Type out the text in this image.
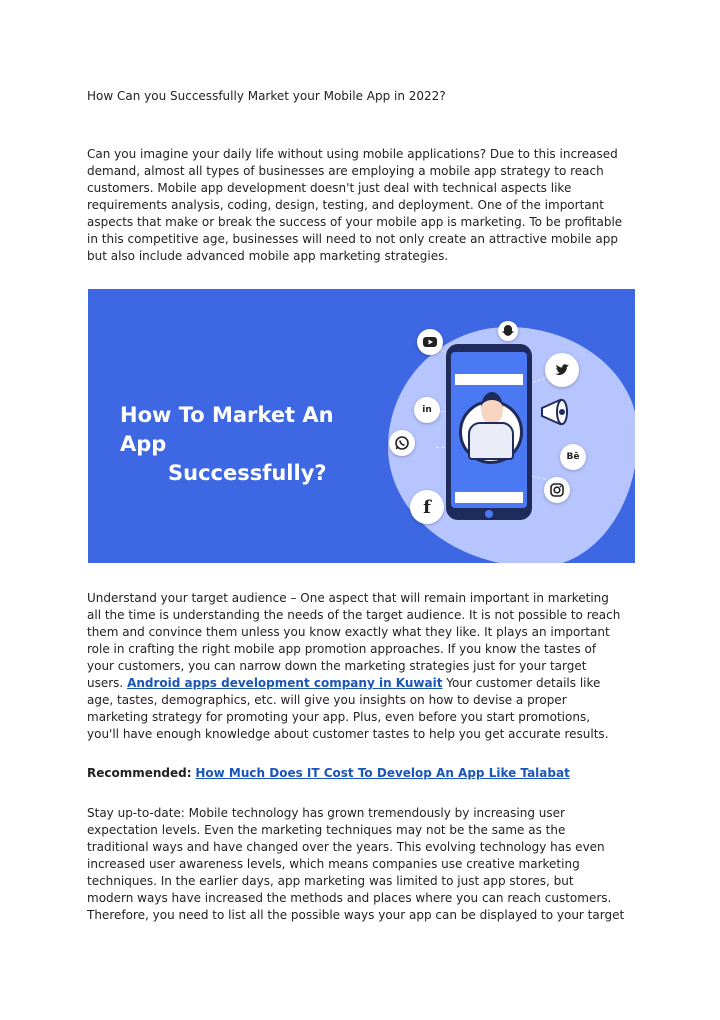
How Can you Successfully Market your Mobile App in 2022?

Can you imagine your daily life without using mobile applications? Due to this increased
demand, almost all types of businesses are employing a mobile app strategy to reach
customers. Mobile app development doesn't just deal with technical aspects like
requirements analysis, coding, design, testing, and deployment. One of the important
aspects that make or break the success of your mobile app is marketing. To be profitable
in this competitive age, businesses will need to not only create an attractive mobile app
but also include advanced mobile app marketing strategies.

Understand your target audience – One aspect that will remain important in marketing
all the time is understanding the needs of the target audience. It is not possible to reach
them and convince them unless you know exactly what they like. It plays an important
role in crafting the right mobile app promotion approaches. If you know the tastes of
your customers, you can narrow down the marketing strategies just for your target
users. Android apps development company in Kuwait Your customer details like
age, tastes, demographics, etc. will give you insights on how to devise a proper
marketing strategy for promoting your app. Plus, even before you start promotions,
you'll have enough knowledge about customer tastes to help you get accurate results.

Recommended: How Much Does IT Cost To Develop An App Like Talabat

Stay up-to-date: Mobile technology has grown tremendously by increasing user
expectation levels. Even the marketing techniques may not be the same as the
traditional ways and have changed over the years. This evolving technology has even
increased user awareness levels, which means companies use creative marketing
techniques. In the earlier days, app marketing was limited to just app stores, but
modern ways have increased the methods and places where you can reach customers.
Therefore, you need to list all the possible ways your app can be displayed to your target

How To Market An App
Successfully?
in
Bē
f
